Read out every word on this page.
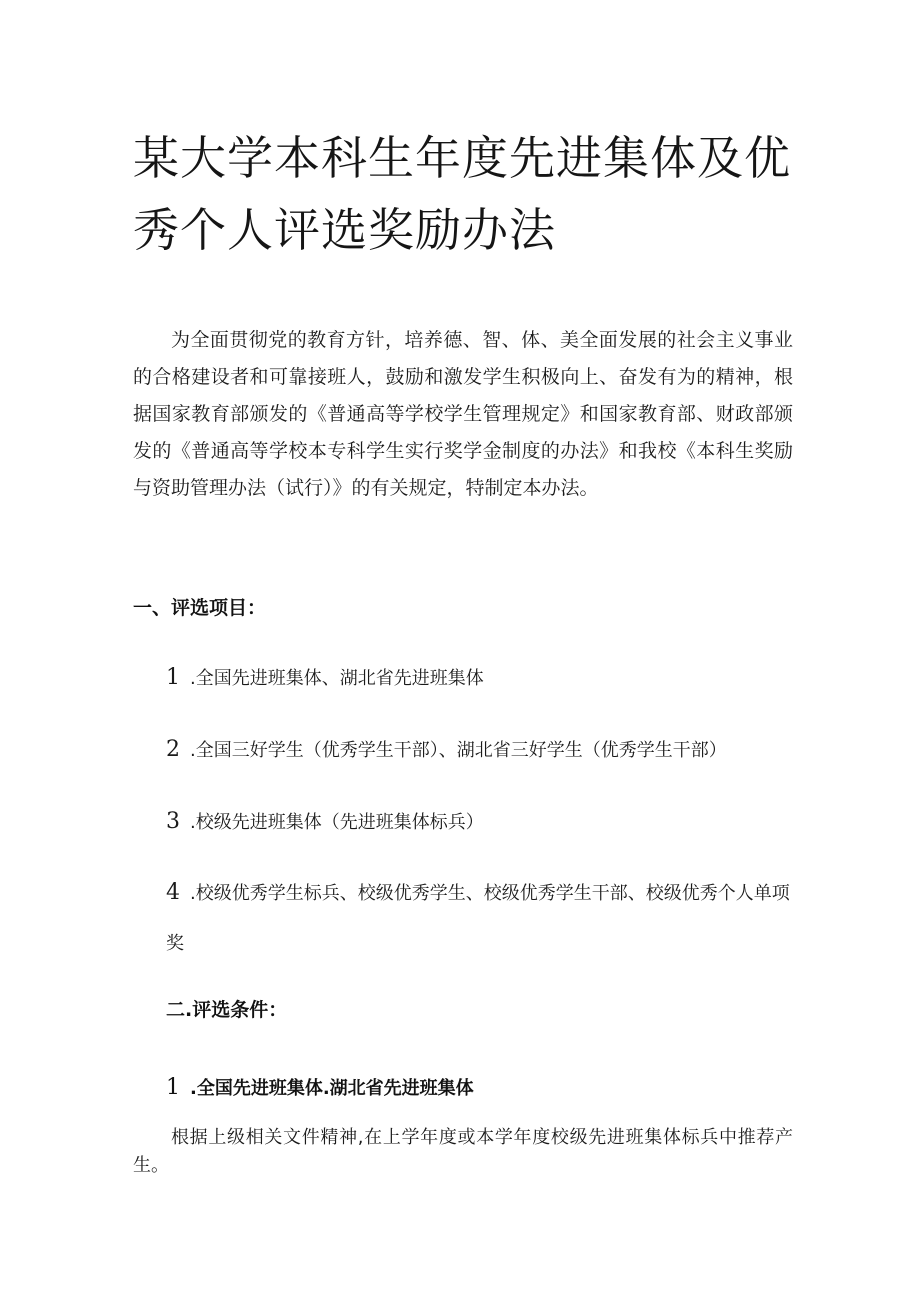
某大学本科生年度先进集体及优秀个人评选奖励办法

为全面贯彻党的教育方针，培养德、智、体、美全面发展的社会主义事业的合格建设者和可靠接班人，鼓励和激发学生积极向上、奋发有为的精神，根据国家教育部颁发的《普通高等学校学生管理规定》和国家教育部、财政部颁发的《普通高等学校本专科学生实行奖学金制度的办法》和我校《本科生奖励与资助管理办法（试行）》的有关规定，特制定本办法。

一、评选项目：

1 .全国先进班集体、湖北省先进班集体

2 .全国三好学生（优秀学生干部）、湖北省三好学生（优秀学生干部）

3 .校级先进班集体（先进班集体标兵）

4 .校级优秀学生标兵、校级优秀学生、校级优秀学生干部、校级优秀个人单项奖

二.评选条件：

1 .全国先进班集体.湖北省先进班集体

根据上级相关文件精神,在上学年度或本学年度校级先进班集体标兵中推荐产生。
